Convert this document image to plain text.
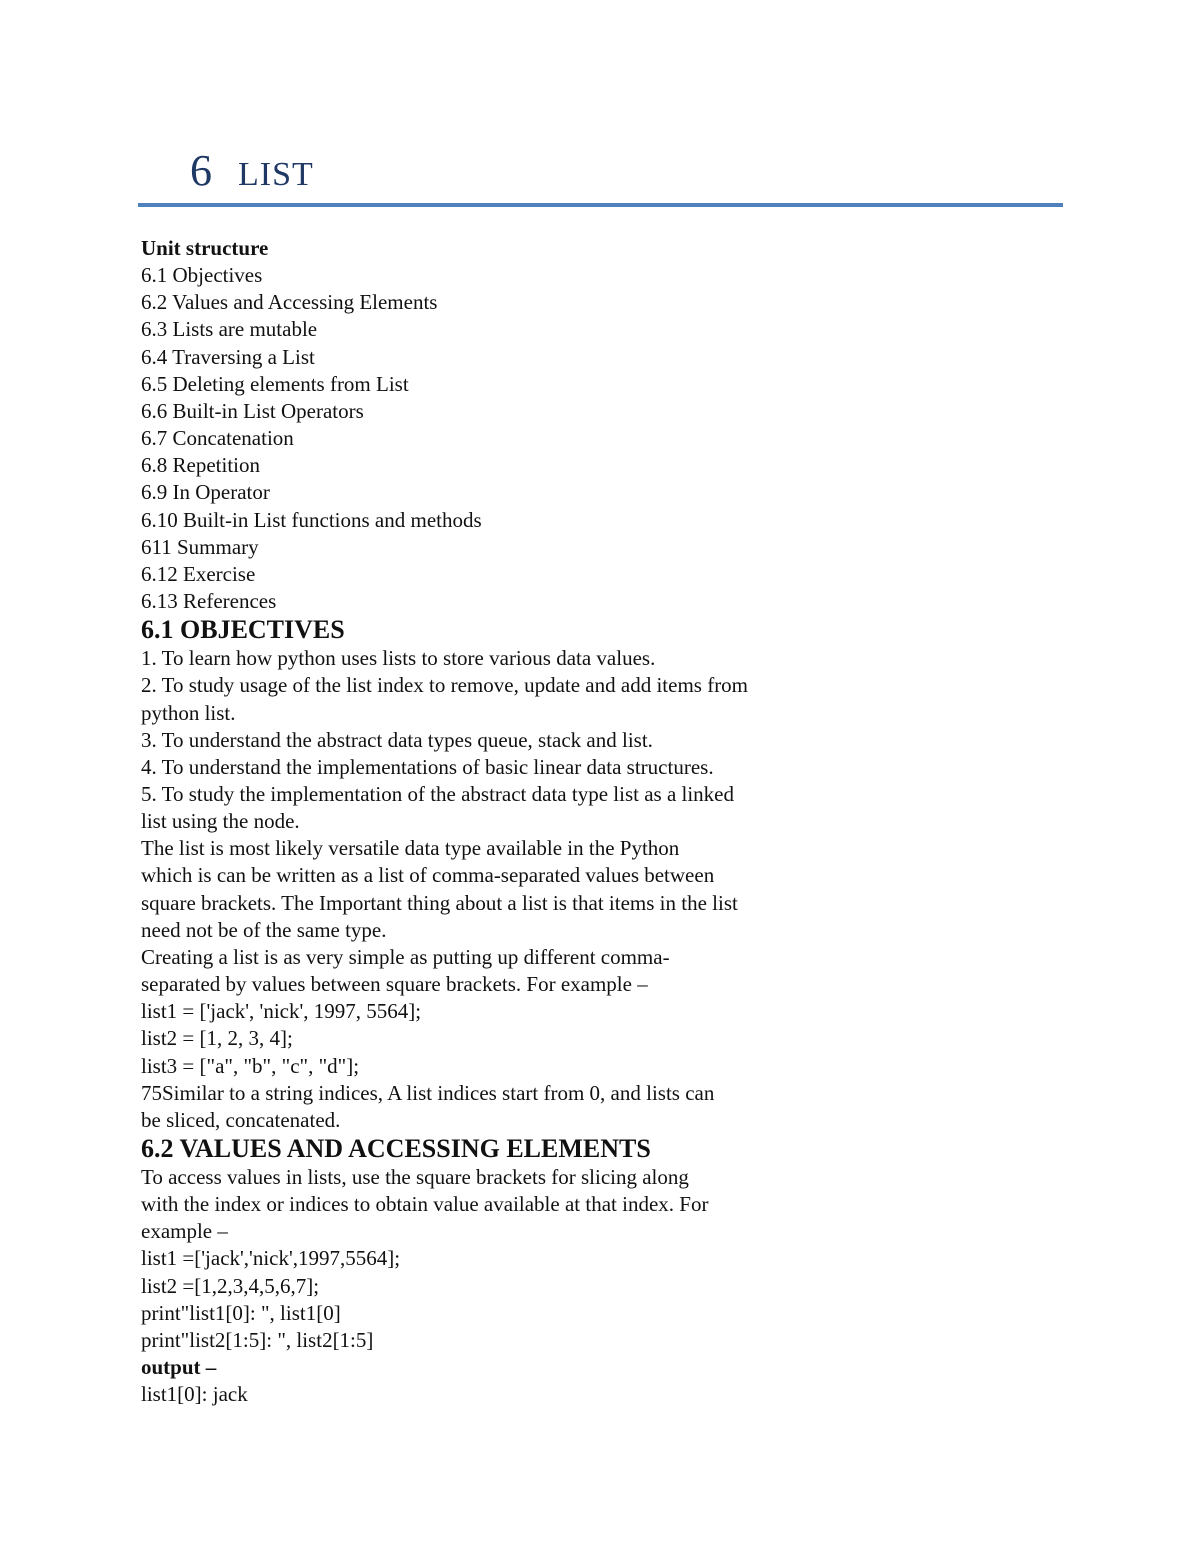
6 LIST
Unit structure
6.1 Objectives
6.2 Values and Accessing Elements
6.3 Lists are mutable
6.4 Traversing a List
6.5 Deleting elements from List
6.6 Built-in List Operators
6.7 Concatenation
6.8 Repetition
6.9 In Operator
6.10 Built-in List functions and methods
611 Summary
6.12 Exercise
6.13 References
6.1 OBJECTIVES
1. To learn how python uses lists to store various data values.
2. To study usage of the list index to remove, update and add items from
python list.
3. To understand the abstract data types queue, stack and list.
4. To understand the implementations of basic linear data structures.
5. To study the implementation of the abstract data type list as a linked
list using the node.
The list is most likely versatile data type available in the Python
which is can be written as a list of comma-separated values between
square brackets. The Important thing about a list is that items in the list
need not be of the same type.
Creating a list is as very simple as putting up different comma-
separated by values between square brackets. For example –
list1 = ['jack', 'nick', 1997, 5564];
list2 = [1, 2, 3, 4];
list3 = ["a", "b", "c", "d"];
75Similar to a string indices, A list indices start from 0, and lists can
be sliced, concatenated.
6.2 VALUES AND ACCESSING ELEMENTS
To access values in lists, use the square brackets for slicing along
with the index or indices to obtain value available at that index. For
example –
list1 =['jack','nick',1997,5564];
list2 =[1,2,3,4,5,6,7];
print"list1[0]: ", list1[0]
print"list2[1:5]: ", list2[1:5]
output –
list1[0]: jack
